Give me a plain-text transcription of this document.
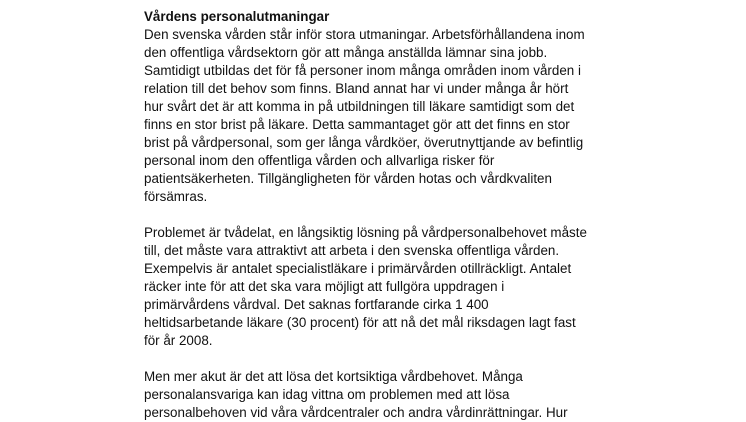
Vårdens personalutmaningar

Den svenska vården står inför stora utmaningar. Arbetsförhållandena inom
den offentliga vårdsektorn gör att många anställda lämnar sina jobb.
Samtidigt utbildas det för få personer inom många områden inom vården i
relation till det behov som finns. Bland annat har vi under många år hört
hur svårt det är att komma in på utbildningen till läkare samtidigt som det
finns en stor brist på läkare. Detta sammantaget gör att det finns en stor
brist på vårdpersonal, som ger långa vårdköer, överutnyttjande av befintlig
personal inom den offentliga vården och allvarliga risker för
patientsäkerheten. Tillgängligheten för vården hotas och vårdkvaliten
försämras.

Problemet är tvådelat, en långsiktig lösning på vårdpersonalbehovet måste
till, det måste vara attraktivt att arbeta i den svenska offentliga vården.
Exempelvis är antalet specialistläkare i primärvården otillräckligt. Antalet
räcker inte för att det ska vara möjligt att fullgöra uppdragen i
primärvårdens vårdval. Det saknas fortfarande cirka 1 400
heltidsarbetande läkare (30 procent) för att nå det mål riksdagen lagt fast
för år 2008.

Men mer akut är det att lösa det kortsiktiga vårdbehovet. Många
personalansvariga kan idag vittna om problemen med att lösa
personalbehoven vid våra vårdcentraler och andra vårdinrättningar. Hur
